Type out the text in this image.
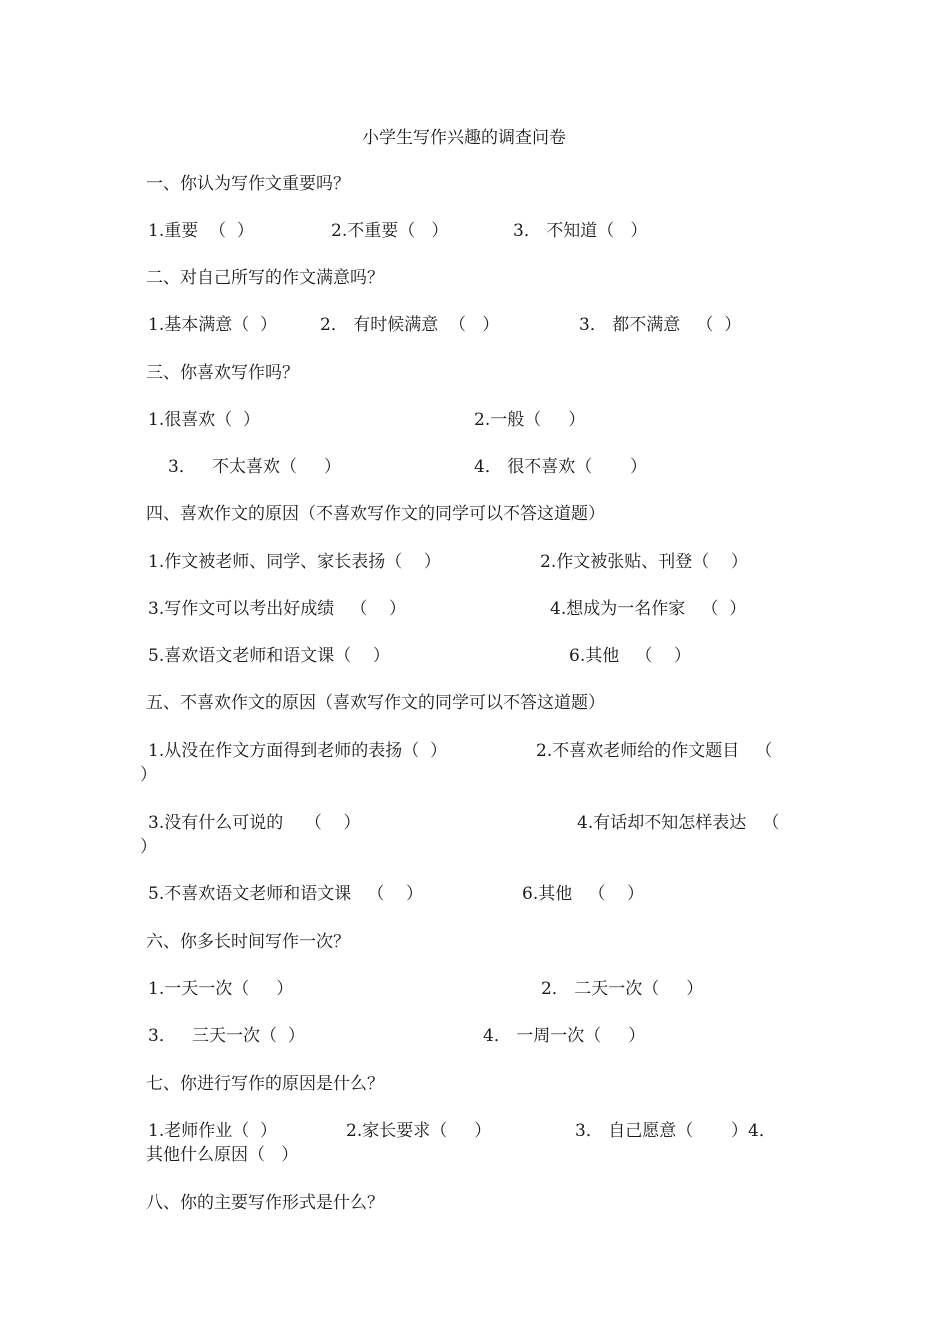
小学生写作兴趣的调查问卷
一、你认为写作文重要吗？
1.重要  （  ）	2.不重要（   ）	3． 不知道（   ）
二、对自己所写的作文满意吗？
1.基本满意（  ）	2． 有时候满意  （   ）	3． 都不满意   （  ）
三、你喜欢写作吗？
1.很喜欢（  ）	2.一般（     ）
3．   不太喜欢（     ）	4． 很不喜欢（       ）
四、喜欢作文的原因（不喜欢写作文的同学可以不答这道题）
1.作文被老师、同学、家长表扬（    ）	2.作文被张贴、刊登（    ）
3.写作文可以考出好成绩   （    ）	4.想成为一名作家   （  ）
5.喜欢语文老师和语文课（    ）	6.其他   （    ）
五、不喜欢作文的原因（喜欢写作文的同学可以不答这道题）
1.从没在作文方面得到老师的表扬（  ）	2.不喜欢老师给的作文题目   （
）
3.没有什么可说的    （    ）	4.有话却不知怎样表达   （
）
5.不喜欢语文老师和语文课   （    ）	6.其他   （    ）
六、你多长时间写作一次？
1.一天一次（     ）	2． 二天一次（     ）
3．   三天一次（  ）	4． 一周一次（     ）
七、你进行写作的原因是什么？
1.老师作业（  ）	2.家长要求（     ）	3． 自己愿意（       ）4．
其他什么原因（   ）
八、你的主要写作形式是什么？
